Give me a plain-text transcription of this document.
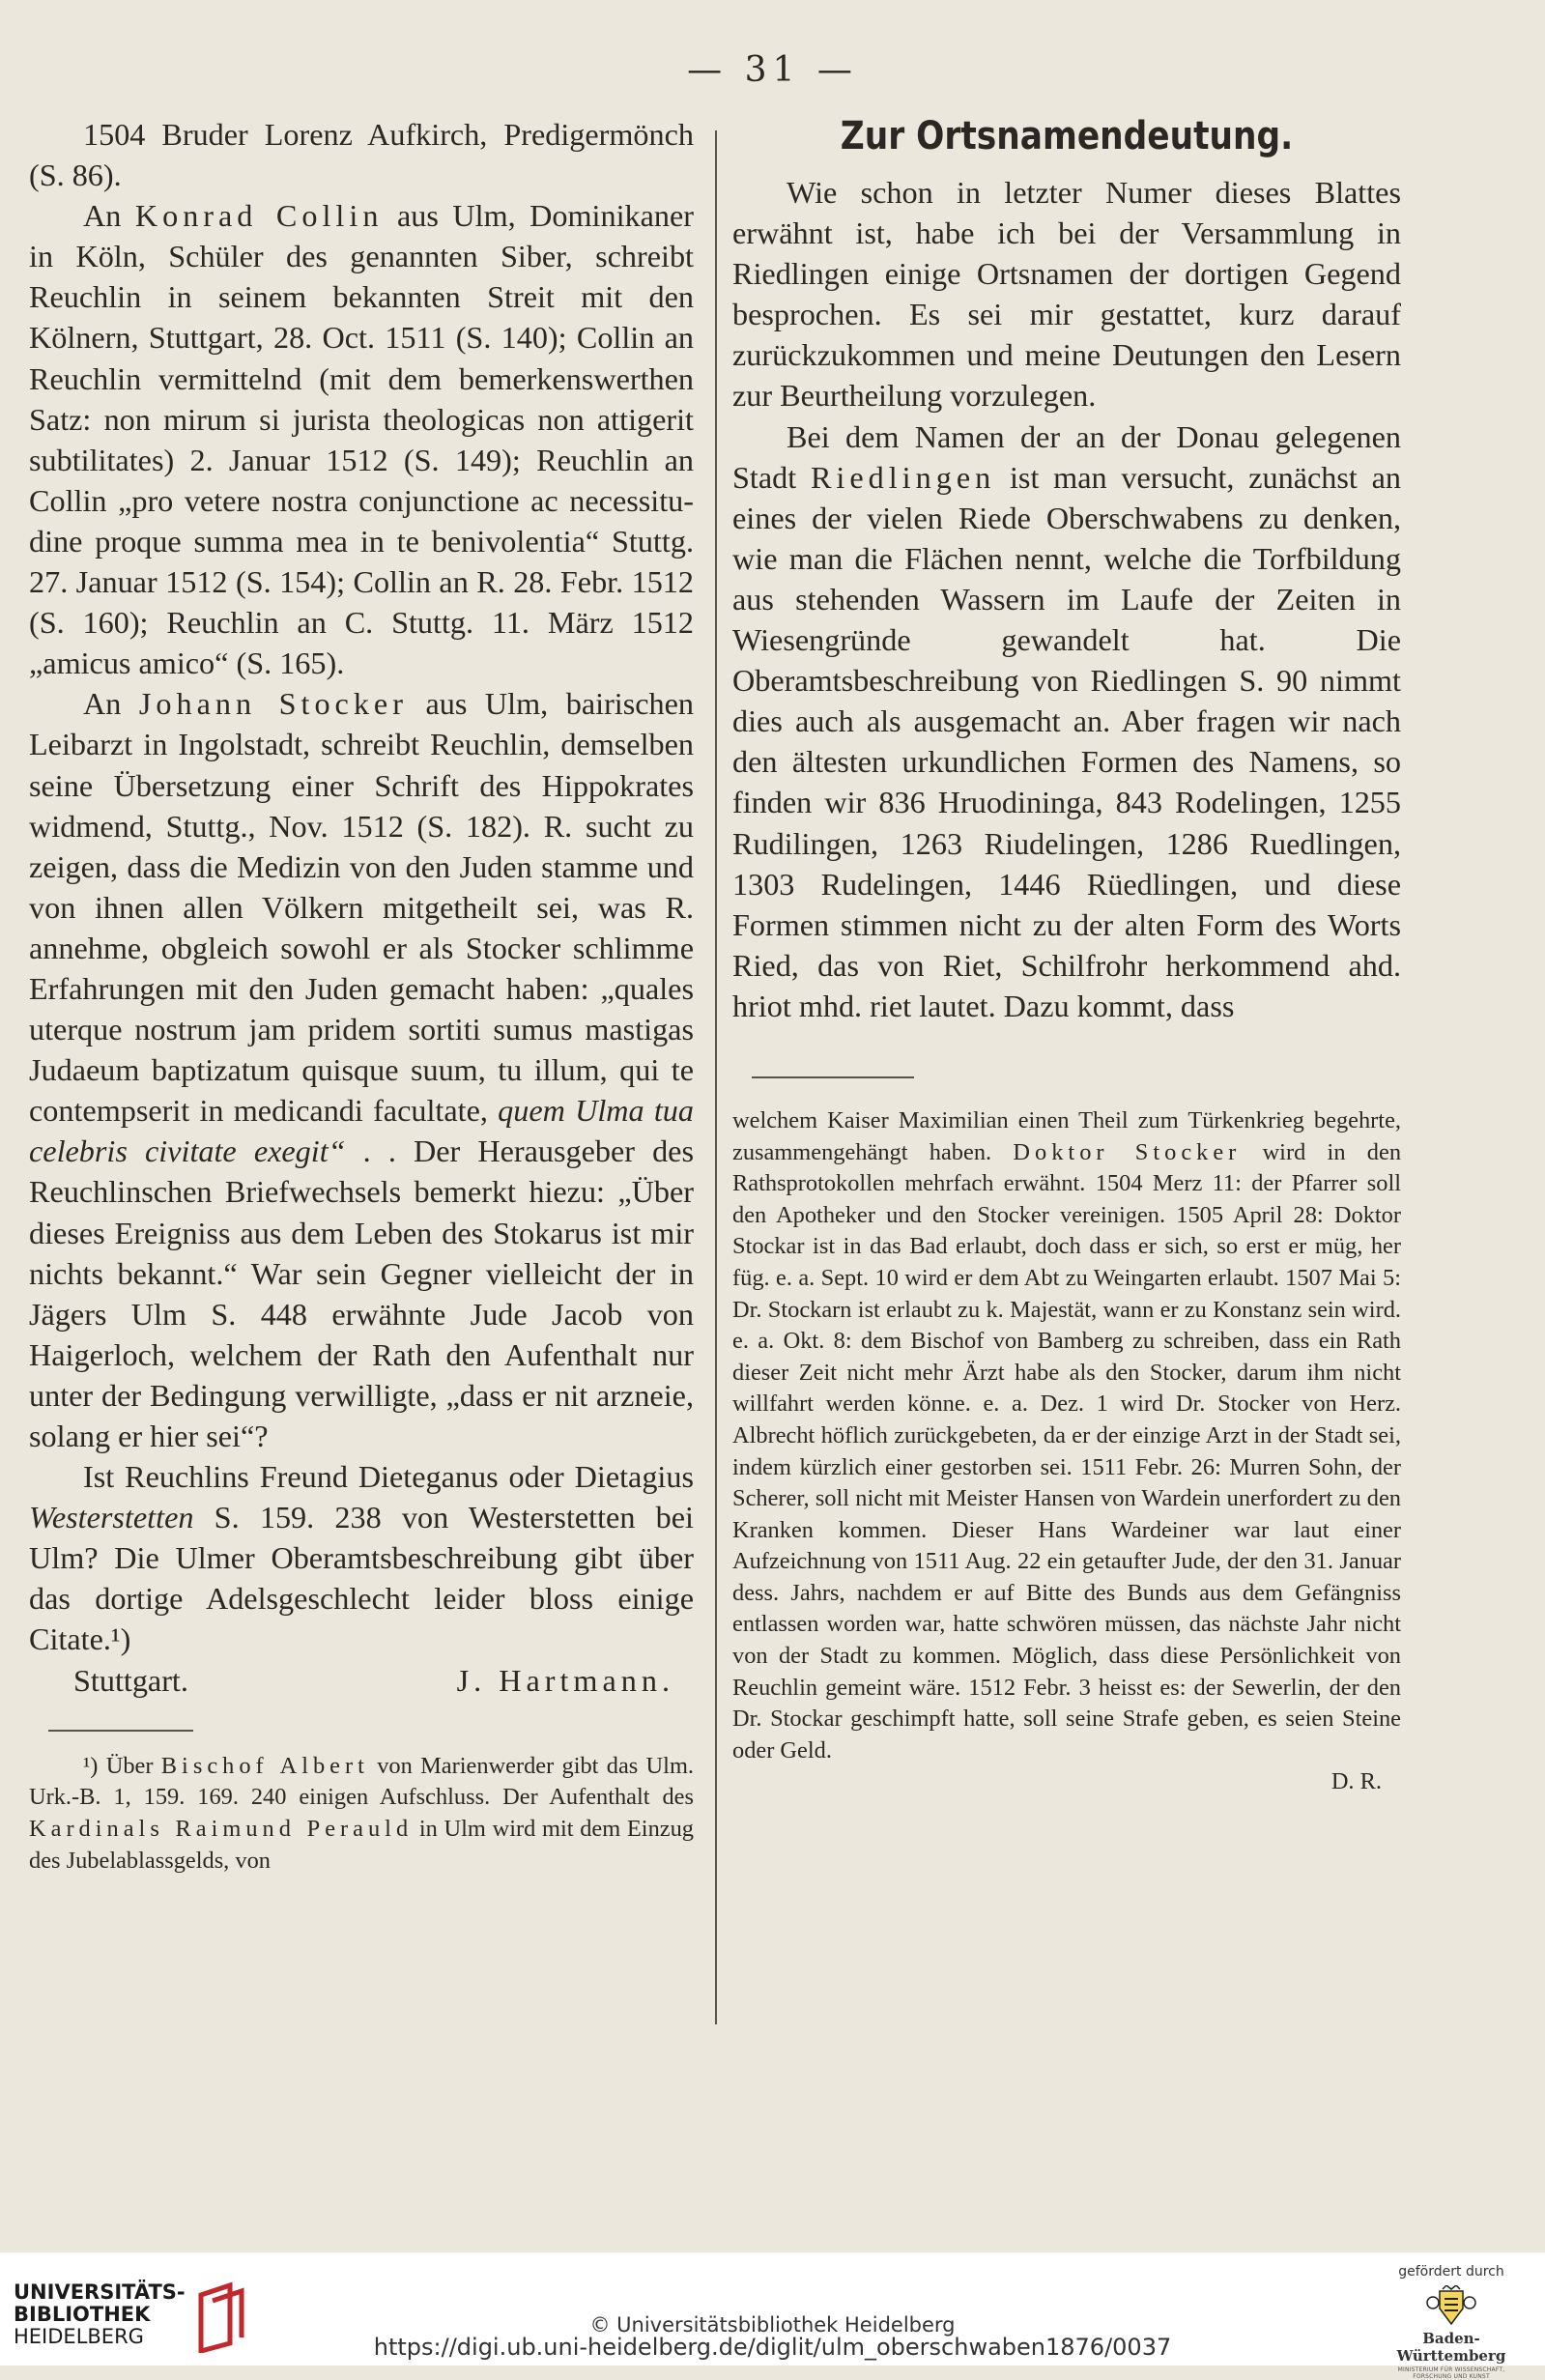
— 31 —

1504 Bruder Lorenz Aufkirch, Predigermönch (S. 86).

An Konrad Collin aus Ulm, Dominikaner in Köln, Schüler des genannten Siber, schreibt Reuchlin in seinem bekannten Streit mit den Kölnern, Stuttgart, 28. Oct. 1511 (S. 140); Collin an Reuchlin vermittelnd (mit dem bemerkenswerthen Satz: non mirum si jurista theologicas non attigerit subtilitates) 2. Januar 1512 (S. 149); Reuchlin an Collin „pro vetere nostra conjunctione ac necessitudine proque summa mea in te benivolentia“ Stuttg. 27. Januar 1512 (S. 154); Collin an R. 28. Febr. 1512 (S. 160); Reuchlin an C. Stuttg. 11. März 1512 „amicus amico“ (S. 165).

An Johann Stocker aus Ulm, bairischen Leibarzt in Ingolstadt, schreibt Reuchlin, demselben seine Übersetzung einer Schrift des Hippokrates widmend, Stuttg., Nov. 1512 (S. 182). R. sucht zu zeigen, dass die Medizin von den Juden stamme und von ihnen allen Völkern mitgetheilt sei, was R. annehme, obgleich sowohl er als Stocker schlimme Erfahrungen mit den Juden gemacht haben: „quales uterque nostrum jam pridem sortiti sumus mastigas Judaeum baptizatum quisque suum, tu illum, qui te contempserit in medicandi facultate, quem Ulma tua celebris civitate exegit“ . . Der Herausgeber des Reuchlinschen Briefwechsels bemerkt hiezu: „Über dieses Ereigniss aus dem Leben des Stokarus ist mir nichts bekannt.“ War sein Gegner vielleicht der in Jägers Ulm S. 448 erwähnte Jude Jacob von Haigerloch, welchem der Rath den Aufenthalt nur unter der Bedingung verwilligte, „dass er nit arzneie, solang er hier sei“?

Ist Reuchlins Freund Dieteganus oder Dietagius Westerstetten S. 159. 238 von Westerstetten bei Ulm? Die Ulmer Oberamtsbeschreibung gibt über das dortige Adelsgeschlecht leider bloss einige Citate.¹)

Stuttgart.	J. Hartmann.

¹) Über Bischof Albert von Marienwerder gibt das Ulm. Urk.-B. 1, 159. 169. 240 einigen Aufschluss. Der Aufenthalt des Kardinals Raimund Perauld in Ulm wird mit dem Einzug des Jubelablassgelds, von

Zur Ortsnamendeutung.

Wie schon in letzter Numer dieses Blattes erwähnt ist, habe ich bei der Versammlung in Riedlingen einige Ortsnamen der dortigen Gegend besprochen. Es sei mir gestattet, kurz darauf zurückzukommen und meine Deutungen den Lesern zur Beurtheilung vorzulegen.

Bei dem Namen der an der Donau gelegenen Stadt Riedlingen ist man versucht, zunächst an eines der vielen Riede Oberschwabens zu denken, wie man die Flächen nennt, welche die Torfbildung aus stehenden Wassern im Laufe der Zeiten in Wiesengründe gewandelt hat. Die Oberamtsbeschreibung von Riedlingen S. 90 nimmt dies auch als ausgemacht an. Aber fragen wir nach den ältesten urkundlichen Formen des Namens, so finden wir 836 Hruodininga, 843 Rodelingen, 1255 Rudilingen, 1263 Riudelingen, 1286 Ruedlingen, 1303 Rudelingen, 1446 Rüedlingen, und diese Formen stimmen nicht zu der alten Form des Worts Ried, das von Riet, Schilfrohr herkommend ahd. hriot mhd. riet lautet. Dazu kommt, dass

welchem Kaiser Maximilian einen Theil zum Türkenkrieg begehrte, zusammengehängt haben. Doktor Stocker wird in den Rathsprotokollen mehrfach erwähnt. 1504 Merz 11: der Pfarrer soll den Apotheker und den Stocker vereinigen. 1505 April 28: Doktor Stockar ist in das Bad erlaubt, doch dass er sich, so erst er müg, her füg. e. a. Sept. 10 wird er dem Abt zu Weingarten erlaubt. 1507 Mai 5: Dr. Stockarn ist erlaubt zu k. Majestät, wann er zu Konstanz sein wird. e. a. Okt. 8: dem Bischof von Bamberg zu schreiben, dass ein Rath dieser Zeit nicht mehr Ärzt habe als den Stocker, darum ihm nicht willfahrt werden könne. e. a. Dez. 1 wird Dr. Stocker von Herz. Albrecht höflich zurückgebeten, da er der einzige Arzt in der Stadt sei, indem kürzlich einer gestorben sei. 1511 Febr. 26: Murren Sohn, der Scherer, soll nicht mit Meister Hansen von Wardein unerfordert zu den Kranken kommen. Dieser Hans Wardeiner war laut einer Aufzeichnung von 1511 Aug. 22 ein getaufter Jude, der den 31. Januar dess. Jahrs, nachdem er auf Bitte des Bunds aus dem Gefängniss entlassen worden war, hatte schwören müssen, das nächste Jahr nicht von der Stadt zu kommen. Möglich, dass diese Persönlichkeit von Reuchlin gemeint wäre. 1512 Febr. 3 heisst es: der Sewerlin, der den Dr. Stockar geschimpft hatte, soll seine Strafe geben, es seien Steine oder Geld.

D. R.
UNIVERSITÄTS-
BIBLIOTHEK
HEIDELBERG	© Universitätsbibliothek Heidelberg
https://digi.ub.uni-heidelberg.de/diglit/ulm_oberschwaben1876/0037
gefördert durch
Baden-Württemberg
MINISTERIUM FÜR WISSENSCHAFT, FORSCHUNG UND KUNST
